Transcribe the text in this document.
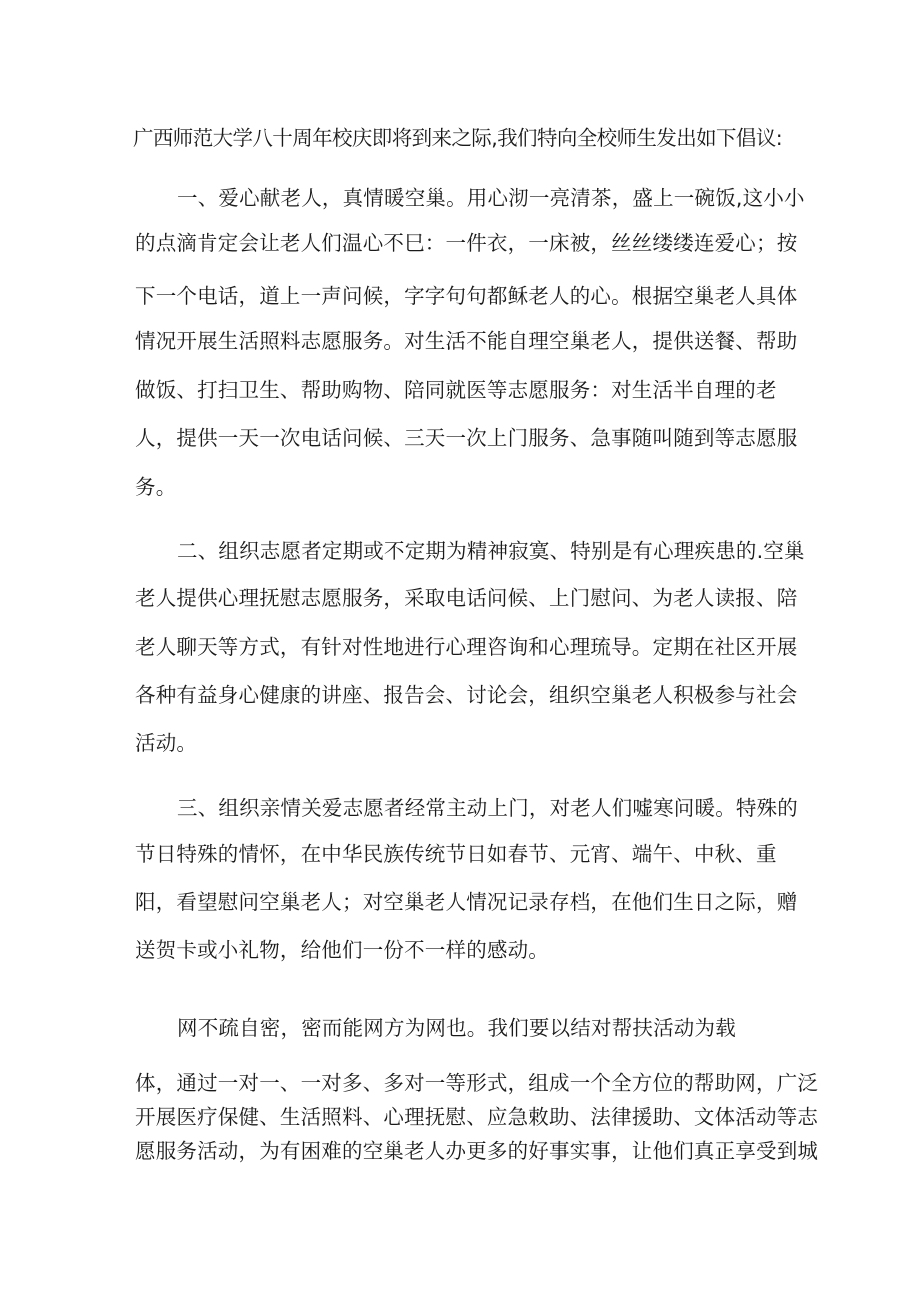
广西师范大学八十周年校庆即将到来之际,我们特向全校师生发出如下倡议:
一、爱心献老人，真情暖空巢。用心沏一亮清茶，盛上一碗饭,这小小
的点滴肯定会让老人们温心不巳：一件衣，一床被，丝丝缕缕连爱心；按
下一个电话，道上一声问候，字字句句都稣老人的心。根据空巢老人具体
情况开展生活照料志愿服务。对生活不能自理空巢老人，提供送餐、帮助
做饭、打扫卫生、帮助购物、陪同就医等志愿服务：对生活半自理的老
人，提供一天一次电话问候、三天一次上门服务、急事随叫随到等志愿服
务。
二、组织志愿者定期或不定期为精神寂寞、特别是有心理疾患的.空巢
老人提供心理抚慰志愿服务，采取电话问候、上门慰问、为老人读报、陪
老人聊天等方式，有针对性地进行心理咨询和心理琉导。定期在社区开展
各种有益身心健康的讲座、报告会、讨论会，组织空巢老人积极参与社会
活动。
三、组织亲情关爱志愿者经常主动上门，对老人们嘘寒问暖。特殊的
节日特殊的情怀，在中华民族传统节日如春节、元宵、端午、中秋、重
阳，看望慰问空巢老人；对空巢老人情况记录存档，在他们生日之际，赠
送贺卡或小礼物，给他们一份不一样的感动。
网不疏自密，密而能网方为网也。我们要以结对帮扶活动为载
体，通过一对一、一对多、多对一等形式，组成一个全方位的帮助网，广泛
开展医疗保健、生活照料、心理抚慰、应急敕助、法律援助、文体活动等志
愿服务活动，为有困难的空巢老人办更多的好事实事，让他们真正享受到城
